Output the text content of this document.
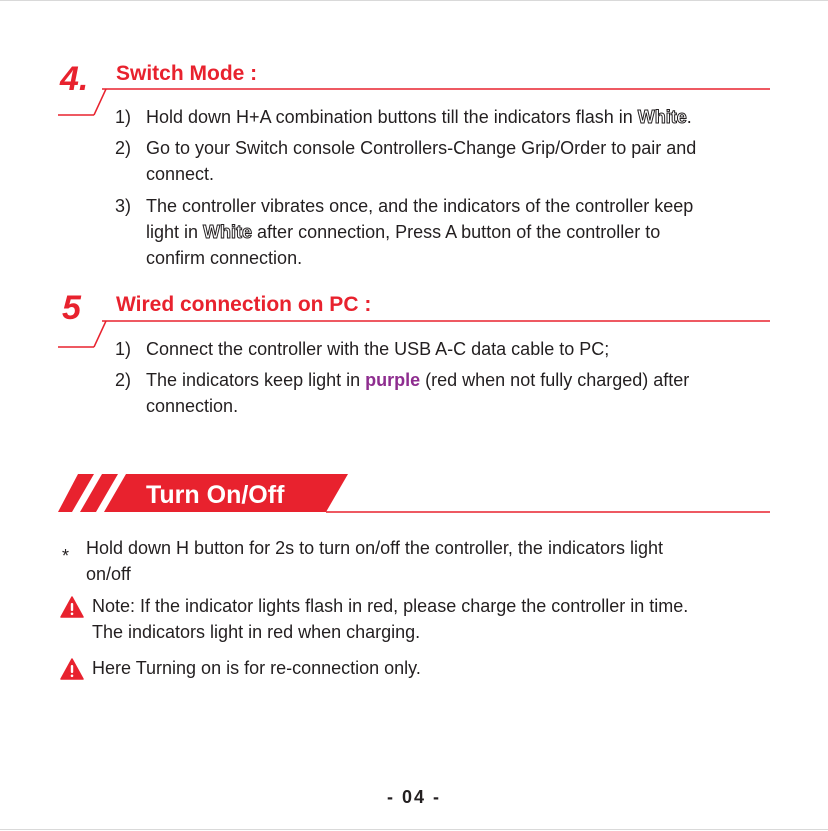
4. Switch Mode :
1) Hold down H+A combination buttons till the indicators flash in White.
2) Go to your Switch console Controllers-Change Grip/Order to pair and
connect.
3) The controller vibrates once, and the indicators of the controller keep
light in White after connection, Press A button of the controller to
confirm connection.
5 Wired connection on PC :
1) Connect the controller with the USB A-C data cable to PC;
2) The indicators keep light in purple (red when not fully charged) after
connection.
Turn On/Off
* Hold down H button for 2s to turn on/off the controller, the indicators light
on/off
Note: If the indicator lights flash in red, please charge the controller in time.
The indicators light in red when charging.
Here Turning on is for re-connection only.
- 04 -
